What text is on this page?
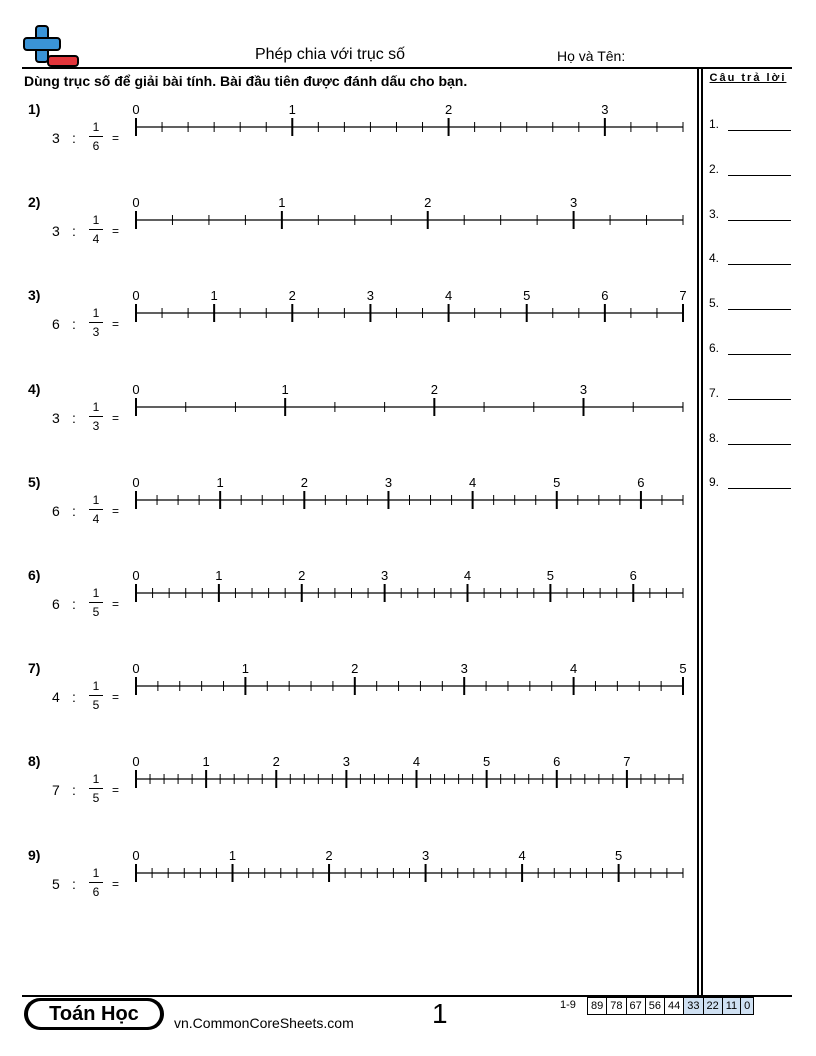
Phép chia với trục số	Họ và Tên:
Dùng trục số để giải bài tính. Bài đầu tiên được đánh dấu cho bạn.	Câu trả lời
1.
2.
3.
4.
5.
6.
7.
8.
9.
1)
3 :
1
6
=
0	1	2	3
2)
3 :
1
4
=
0	1	2	3
3)
6 :
1
3
=
0	1	2	3	4	5	6	7
4)
3 :
1
3
=
0	1	2	3
5)
6 :
1
4
=
0	1	2	3	4	5	6
6)
6 :
1
5
=
0	1	2	3	4	5	6
7)
4 :
1
5
=
0	1	2	3	4	5
8)
7 :
1
5
=
0	1	2	3	4	5	6	7
9)
5 :
1
6
=
0	1	2	3	4	5
Toán Học	vn.CommonCoreSheets.com	1	1-9	89 78 67 56 44 33 22 11 0
